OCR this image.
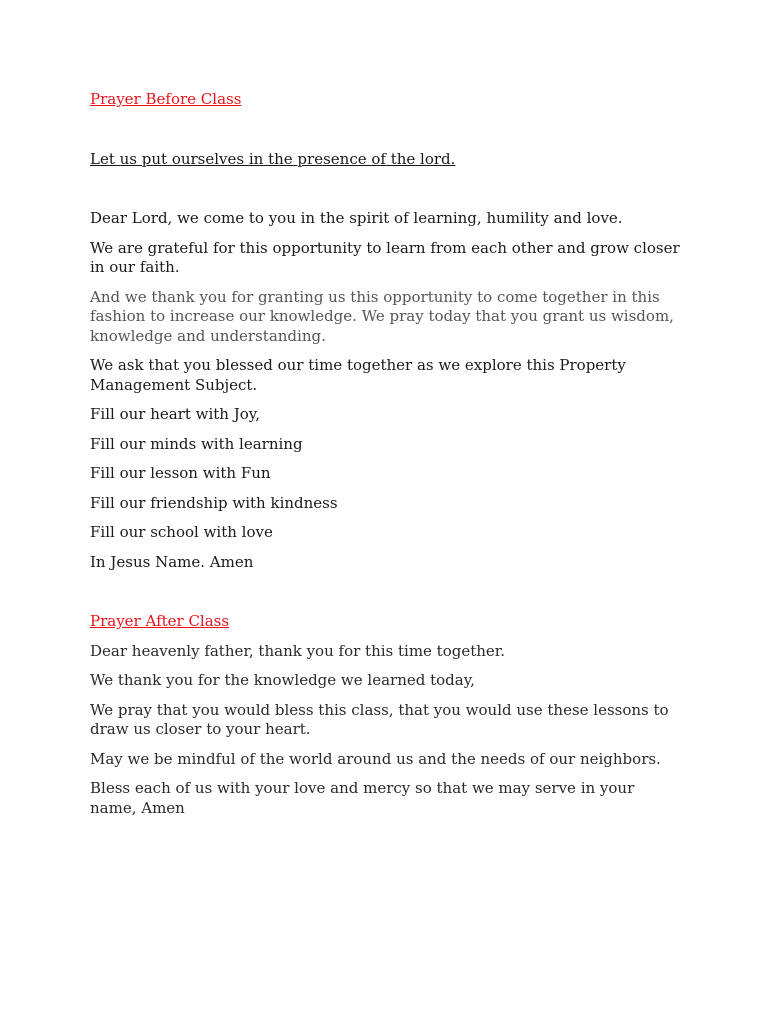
Prayer Before Class

Let us put ourselves in the presence of the lord.

Dear Lord, we come to you in the spirit of learning, humility and love.

We are grateful for this opportunity to learn from each other and grow closer in our faith.

And we thank you for granting us this opportunity to come together in this fashion to increase our knowledge. We pray today that you grant us wisdom, knowledge and understanding.

We ask that you blessed our time together as we explore this Property Management Subject.

Fill our heart with Joy,

Fill our minds with learning

Fill our lesson with Fun

Fill our friendship with kindness

Fill our school with love

In Jesus Name. Amen

Prayer After Class

Dear heavenly father, thank you for this time together.

We thank you for the knowledge we learned today,

We pray that you would bless this class, that you would use these lessons to draw us closer to your heart.

May we be mindful of the world around us and the needs of our neighbors.

Bless each of us with your love and mercy so that we may serve in your name, Amen
